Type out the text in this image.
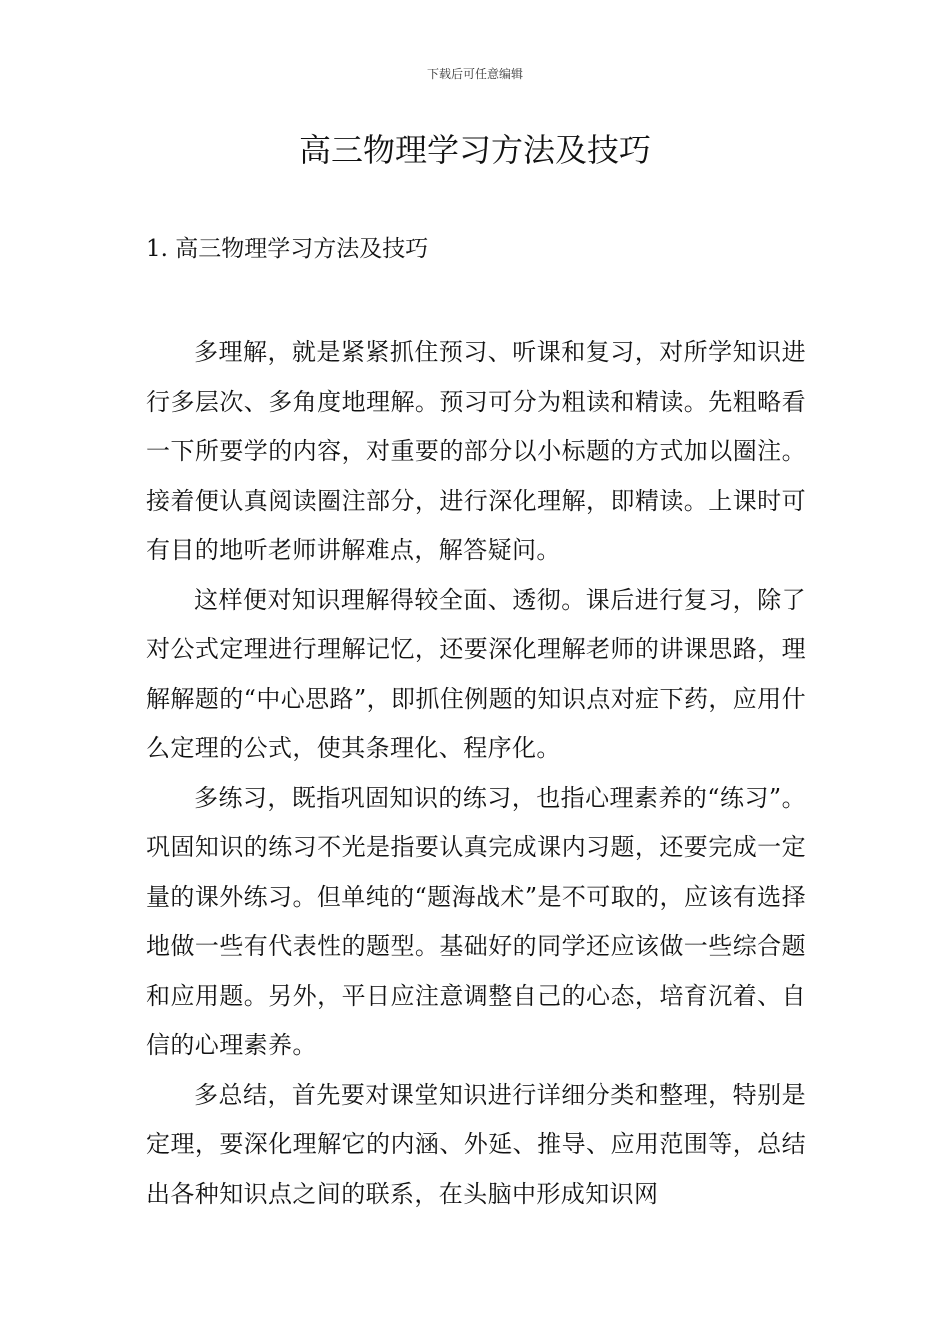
下载后可任意编辑
高三物理学习方法及技巧
1. 高三物理学习方法及技巧

多理解，就是紧紧抓住预习、听课和复习，对所学知识进行多层次、多角度地理解。预习可分为粗读和精读。先粗略看一下所要学的内容，对重要的部分以小标题的方式加以圈注。接着便认真阅读圈注部分，进行深化理解，即精读。上课时可有目的地听老师讲解难点，解答疑问。

这样便对知识理解得较全面、透彻。课后进行复习，除了对公式定理进行理解记忆，还要深化理解老师的讲课思路，理解解题的“中心思路”，即抓住例题的知识点对症下药，应用什么定理的公式，使其条理化、程序化。

多练习，既指巩固知识的练习，也指心理素养的“练习”。巩固知识的练习不光是指要认真完成课内习题，还要完成一定量的课外练习。但单纯的“题海战术”是不可取的，应该有选择地做一些有代表性的题型。基础好的同学还应该做一些综合题和应用题。另外，平日应注意调整自己的心态，培育沉着、自信的心理素养。

多总结，首先要对课堂知识进行详细分类和整理，特别是定理，要深化理解它的内涵、外延、推导、应用范围等，总结出各种知识点之间的联系，在头脑中形成知识网
